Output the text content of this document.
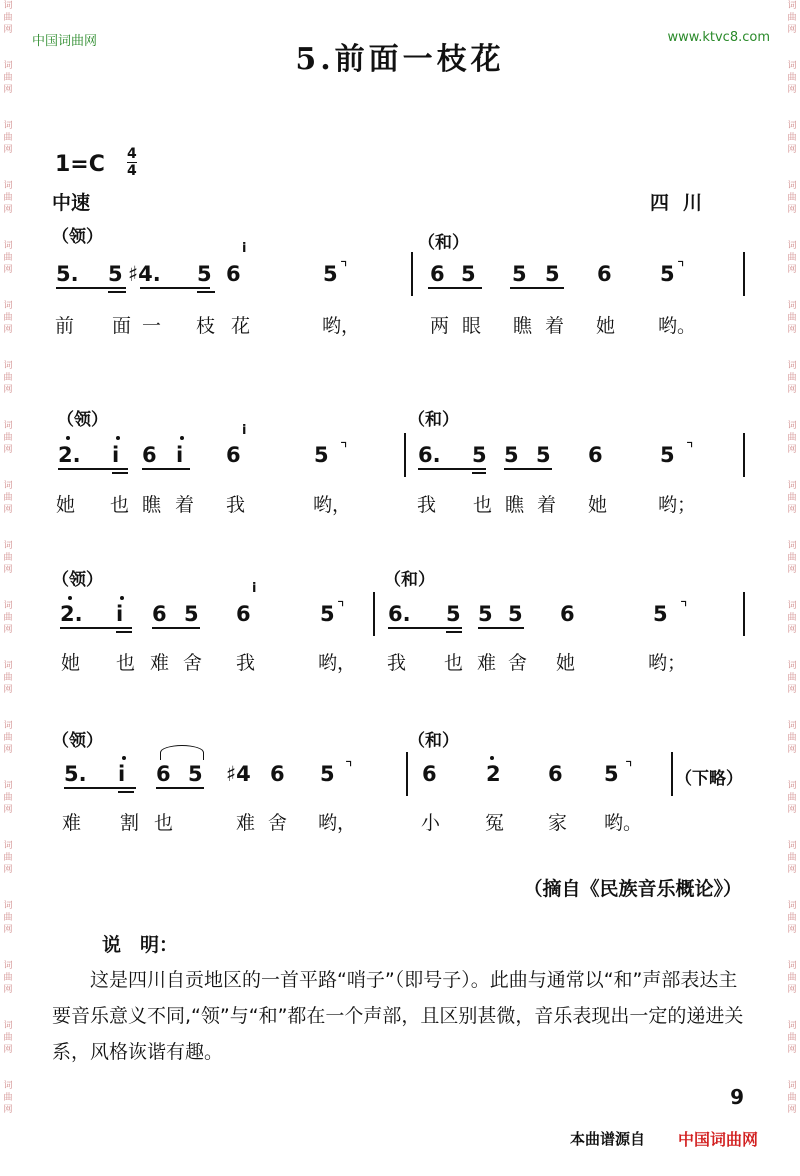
词曲网
词曲网
词曲网
词曲网
词曲网
词曲网
词曲网
词曲网
词曲网
词曲网
词曲网
词曲网
词曲网
词曲网
词曲网
词曲网
词曲网
词曲网
词曲网
词曲网
词曲网
词曲网
词曲网
词曲网
词曲网
词曲网
词曲网
词曲网
词曲网
词曲网
词曲网
词曲网
词曲网
词曲网
词曲网
词曲网
词曲网
词曲网
中国词曲网	www.ktvc8.com
5.前面一枝花
1=C 4
4
中速	四川
（领）	（和）
5. 5 ♯4. 5 6
i
5 ⌝	6 5 5 5 6 5 ⌝
前 面 一 枝 花	哟，	两 眼 瞧 着 她 哟。
（领）	（和）
2. i 6 i 6
i
5 ⌝	6. 5 5 5 6	5 ⌝
她 也 瞧 着 我	哟，	我 也 瞧 着 她	哟；
（领）	（和）
2. i 6 5 6
i
5 ⌝ 6. 5 5 5 6	5 ⌝
她 也 难 舍 我	哟， 我 也 难 舍 她	哟；
（领）	（和）
5. i 6 5 ♯4 6 5 ⌝	6 2 6 5 ⌝
（下略）
难 割 也	难 舍 哟，	小 冤 家 哟。
（摘自《民族音乐概论》）
说　明：
这是四川自贡地区的一首平路“哨子”（即号子）。此曲与通常以“和”声部表达主要音乐意义不同,“领”与“和”都在一个声部，且区别甚微，音乐表现出一定的递进关系，风格诙谐有趣。
9
本曲谱源自 中国词曲网
